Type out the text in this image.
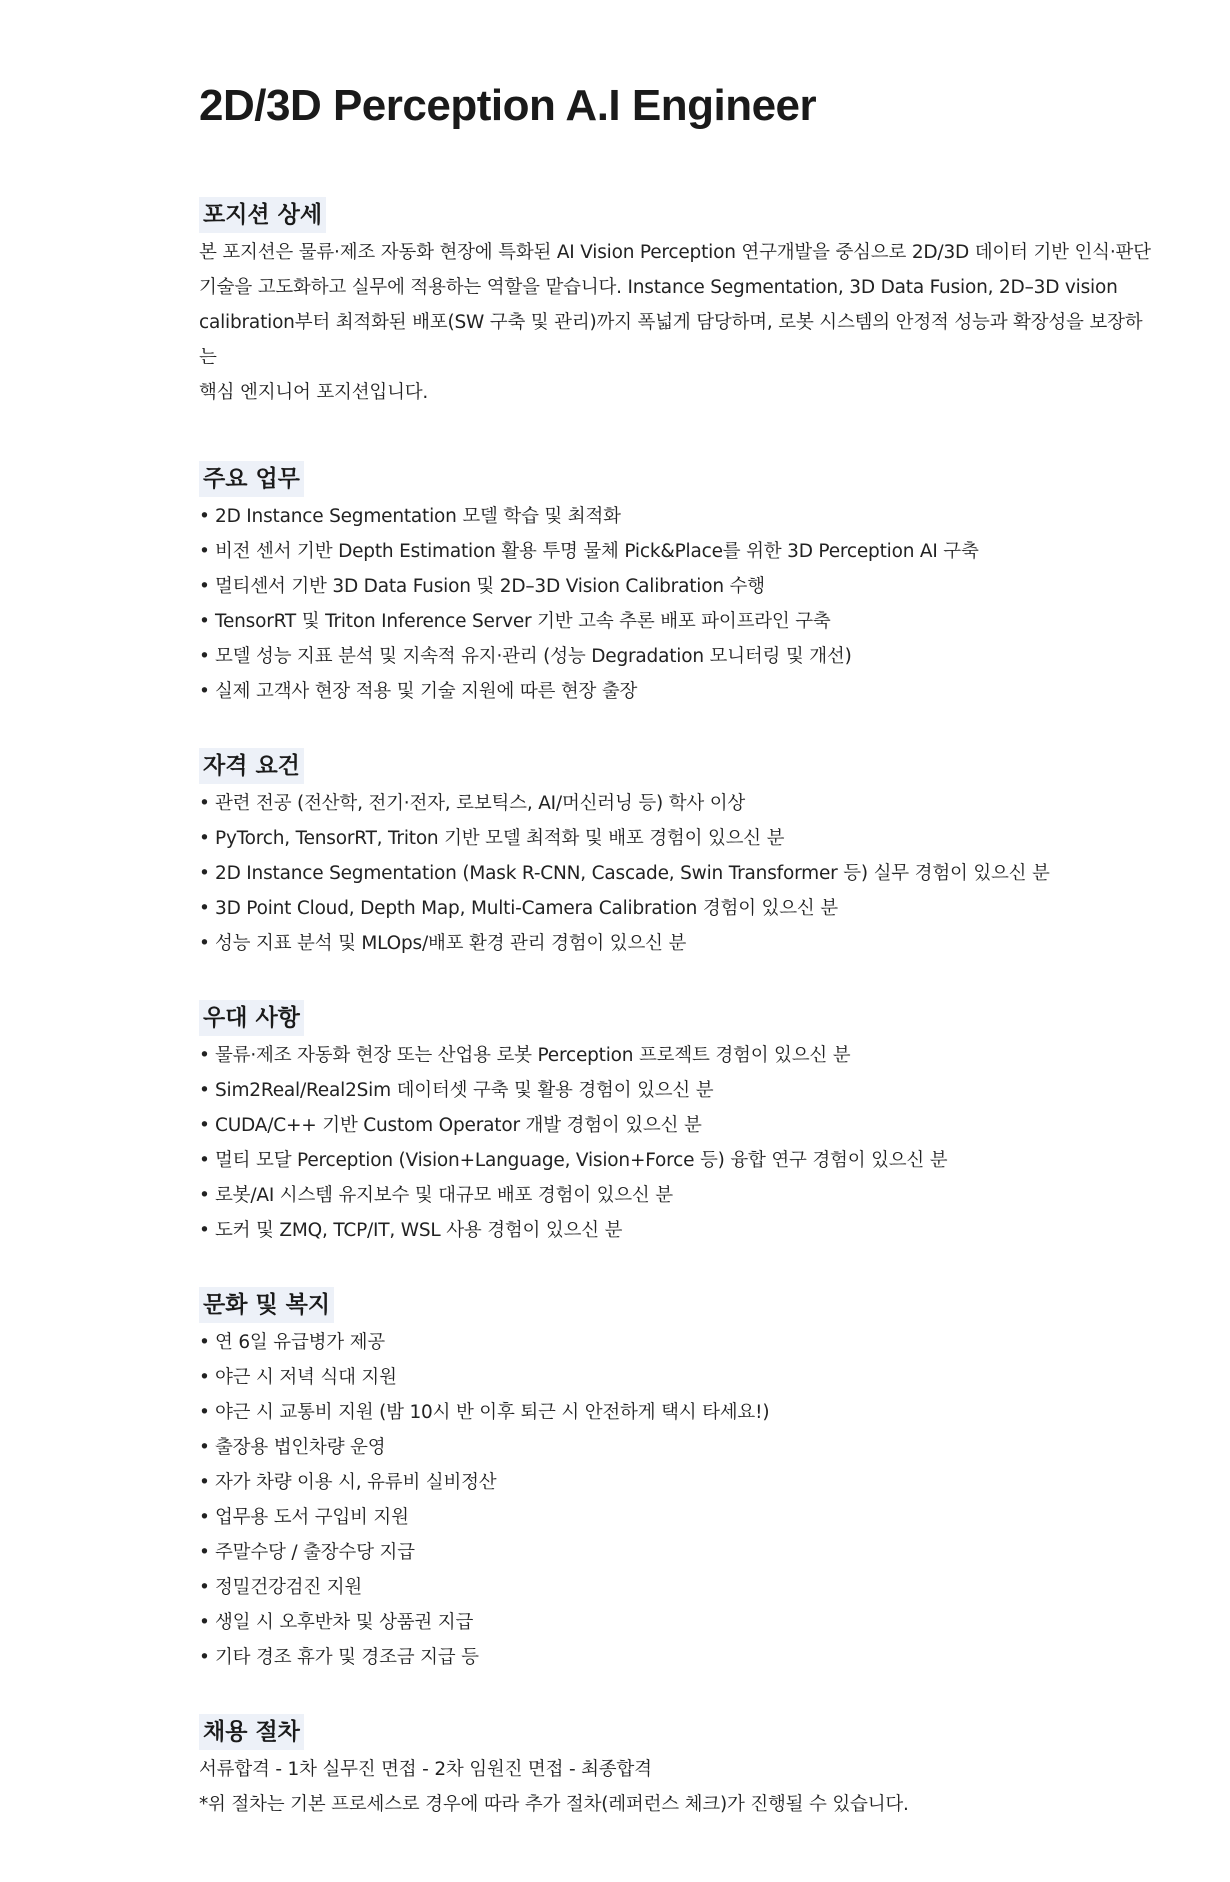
2D/3D Perception A.I Engineer
포지션 상세

본 포지션은 물류·제조 자동화 현장에 특화된 AI Vision Perception 연구개발을 중심으로 2D/3D 데이터 기반 인식·판단

기술을 고도화하고 실무에 적용하는 역할을 맡습니다. Instance Segmentation, 3D Data Fusion, 2D–3D vision

calibration부터 최적화된 배포(SW 구축 및 관리)까지 폭넓게 담당하며, 로봇 시스템의 안정적 성능과 확장성을 보장하는

핵심 엔지니어 포지션입니다.

주요 업무
• 2D Instance Segmentation 모델 학습 및 최적화
• 비전 센서 기반 Depth Estimation 활용 투명 물체 Pick&Place를 위한 3D Perception AI 구축
• 멀티센서 기반 3D Data Fusion 및 2D–3D Vision Calibration 수행
• TensorRT 및 Triton Inference Server 기반 고속 추론 배포 파이프라인 구축
• 모델 성능 지표 분석 및 지속적 유지·관리 (성능 Degradation 모니터링 및 개선)
• 실제 고객사 현장 적용 및 기술 지원에 따른 현장 출장
자격 요건
• 관련 전공 (전산학, 전기·전자, 로보틱스, AI/머신러닝 등) 학사 이상
• PyTorch, TensorRT, Triton 기반 모델 최적화 및 배포 경험이 있으신 분
• 2D Instance Segmentation (Mask R-CNN, Cascade, Swin Transformer 등) 실무 경험이 있으신 분
• 3D Point Cloud, Depth Map, Multi-Camera Calibration 경험이 있으신 분
• 성능 지표 분석 및 MLOps/배포 환경 관리 경험이 있으신 분
우대 사항
• 물류·제조 자동화 현장 또는 산업용 로봇 Perception 프로젝트 경험이 있으신 분
• Sim2Real/Real2Sim 데이터셋 구축 및 활용 경험이 있으신 분
• CUDA/C++ 기반 Custom Operator 개발 경험이 있으신 분
• 멀티 모달 Perception (Vision+Language, Vision+Force 등) 융합 연구 경험이 있으신 분
• 로봇/AI 시스템 유지보수 및 대규모 배포 경험이 있으신 분
• 도커 및 ZMQ, TCP/IT, WSL 사용 경험이 있으신 분
문화 및 복지
• 연 6일 유급병가 제공
• 야근 시 저녁 식대 지원
• 야근 시 교통비 지원 (밤 10시 반 이후 퇴근 시 안전하게 택시 타세요!)
• 출장용 법인차량 운영
• 자가 차량 이용 시, 유류비 실비정산
• 업무용 도서 구입비 지원
• 주말수당 / 출장수당 지급
• 정밀건강검진 지원
• 생일 시 오후반차 및 상품권 지급
• 기타 경조 휴가 및 경조금 지급 등
채용 절차

서류합격 - 1차 실무진 면접 - 2차 임원진 면접 - 최종합격

*위 절차는 기본 프로세스로 경우에 따라 추가 절차(레퍼런스 체크)가 진행될 수 있습니다.
